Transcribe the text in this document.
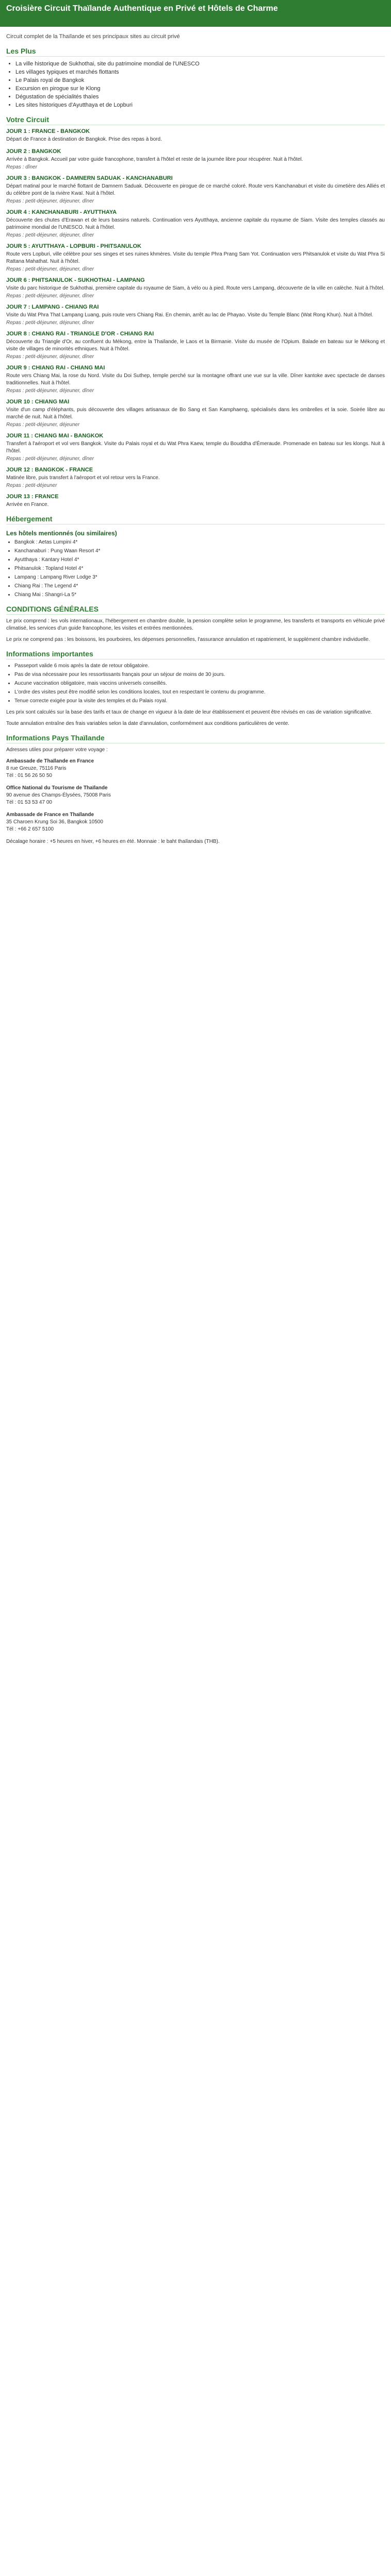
Croisière Circuit Thaïlande Authentique en Privé et Hôtels de Charme
Circuit complet de la Thaïlande et ses principaux sites au circuit privé
Les Plus
• La ville historique de Sukhothai, site du patrimoine mondial de l'UNESCO
• Les villages typiques et marchés flottants
• Le Palais royal de Bangkok
• Excursion en pirogue sur le Klong
• Dégustation de spécialités thaïes
• Les sites historiques d'Ayutthaya et de Lopburi
Votre Circuit
JOUR 1 : FRANCE - BANGKOK

Départ de France à destination de Bangkok. Prise des repas à bord.

JOUR 2 : BANGKOK

Arrivée à Bangkok. Accueil par votre guide francophone, transfert à l'hôtel et reste de la journée libre pour récupérer. Nuit à l'hôtel.

Repas : dîner
JOUR 3 : BANGKOK - DAMNERN SADUAK - KANCHANABURI

Départ matinal pour le marché flottant de Damnern Saduak. Découverte en pirogue de ce marché coloré. Route vers Kanchanaburi et visite du cimetière des Alliés et du célèbre pont de la rivière Kwaï. Nuit à l'hôtel.

Repas : petit-déjeuner, déjeuner, dîner
JOUR 4 : KANCHANABURI - AYUTTHAYA

Découverte des chutes d'Erawan et de leurs bassins naturels. Continuation vers Ayutthaya, ancienne capitale du royaume de Siam. Visite des temples classés au patrimoine mondial de l'UNESCO. Nuit à l'hôtel.

Repas : petit-déjeuner, déjeuner, dîner
JOUR 5 : AYUTTHAYA - LOPBURI - PHITSANULOK

Route vers Lopburi, ville célèbre pour ses singes et ses ruines khmères. Visite du temple Phra Prang Sam Yot. Continuation vers Phitsanulok et visite du Wat Phra Si Rattana Mahathat. Nuit à l'hôtel.

Repas : petit-déjeuner, déjeuner, dîner
JOUR 6 : PHITSANULOK - SUKHOTHAI - LAMPANG

Visite du parc historique de Sukhothai, première capitale du royaume de Siam, à vélo ou à pied. Route vers Lampang, découverte de la ville en calèche. Nuit à l'hôtel.

Repas : petit-déjeuner, déjeuner, dîner
JOUR 7 : LAMPANG - CHIANG RAI

Visite du Wat Phra That Lampang Luang, puis route vers Chiang Rai. En chemin, arrêt au lac de Phayao. Visite du Temple Blanc (Wat Rong Khun). Nuit à l'hôtel.

Repas : petit-déjeuner, déjeuner, dîner
JOUR 8 : CHIANG RAI - TRIANGLE D'OR - CHIANG RAI

Découverte du Triangle d'Or, au confluent du Mékong, entre la Thaïlande, le Laos et la Birmanie. Visite du musée de l'Opium. Balade en bateau sur le Mékong et visite de villages de minorités ethniques. Nuit à l'hôtel.

Repas : petit-déjeuner, déjeuner, dîner
JOUR 9 : CHIANG RAI - CHIANG MAI

Route vers Chiang Mai, la rose du Nord. Visite du Doi Suthep, temple perché sur la montagne offrant une vue sur la ville. Dîner kantoke avec spectacle de danses traditionnelles. Nuit à l'hôtel.

Repas : petit-déjeuner, déjeuner, dîner
JOUR 10 : CHIANG MAI

Visite d'un camp d'éléphants, puis découverte des villages artisanaux de Bo Sang et San Kamphaeng, spécialisés dans les ombrelles et la soie. Soirée libre au marché de nuit. Nuit à l'hôtel.

Repas : petit-déjeuner, déjeuner
JOUR 11 : CHIANG MAI - BANGKOK

Transfert à l'aéroport et vol vers Bangkok. Visite du Palais royal et du Wat Phra Kaew, temple du Bouddha d'Émeraude. Promenade en bateau sur les klongs. Nuit à l'hôtel.

Repas : petit-déjeuner, déjeuner, dîner
JOUR 12 : BANGKOK - FRANCE

Matinée libre, puis transfert à l'aéroport et vol retour vers la France.

Repas : petit-déjeuner
JOUR 13 : FRANCE

Arrivée en France.

Hébergement
Les hôtels mentionnés (ou similaires)
• Bangkok : Aetas Lumpini 4*
• Kanchanaburi : Pung Waan Resort 4*
• Ayutthaya : Kantary Hotel 4*
• Phitsanulok : Topland Hotel 4*
• Lampang : Lampang River Lodge 3*
• Chiang Rai : The Legend 4*
• Chiang Mai : Shangri-La 5*
CONDITIONS GÉNÉRALES

Le prix comprend : les vols internationaux, l'hébergement en chambre double, la pension complète selon le programme, les transferts et transports en véhicule privé climatisé, les services d'un guide francophone, les visites et entrées mentionnées.

Le prix ne comprend pas : les boissons, les pourboires, les dépenses personnelles, l'assurance annulation et rapatriement, le supplément chambre individuelle.

Informations importantes
• Passeport valide 6 mois après la date de retour obligatoire.
• Pas de visa nécessaire pour les ressortissants français pour un séjour de moins de 30 jours.
• Aucune vaccination obligatoire, mais vaccins universels conseillés.
• L'ordre des visites peut être modifié selon les conditions locales, tout en respectant le contenu du programme.
• Tenue correcte exigée pour la visite des temples et du Palais royal.

Les prix sont calculés sur la base des tarifs et taux de change en vigueur à la date de leur établissement et peuvent être révisés en cas de variation significative.

Toute annulation entraîne des frais variables selon la date d'annulation, conformément aux conditions particulières de vente.

Informations Pays Thaïlande
Adresses utiles pour préparer votre voyage :
Ambassade de Thaïlande en France
8 rue Greuze, 75116 Paris
Tél : 01 56 26 50 50
Office National du Tourisme de Thaïlande
90 avenue des Champs-Élysées, 75008 Paris
Tél : 01 53 53 47 00
Ambassade de France en Thaïlande
35 Charoen Krung Soi 36, Bangkok 10500
Tél : +66 2 657 5100
Décalage horaire : +5 heures en hiver, +6 heures en été. Monnaie : le baht thaïlandais (THB).
